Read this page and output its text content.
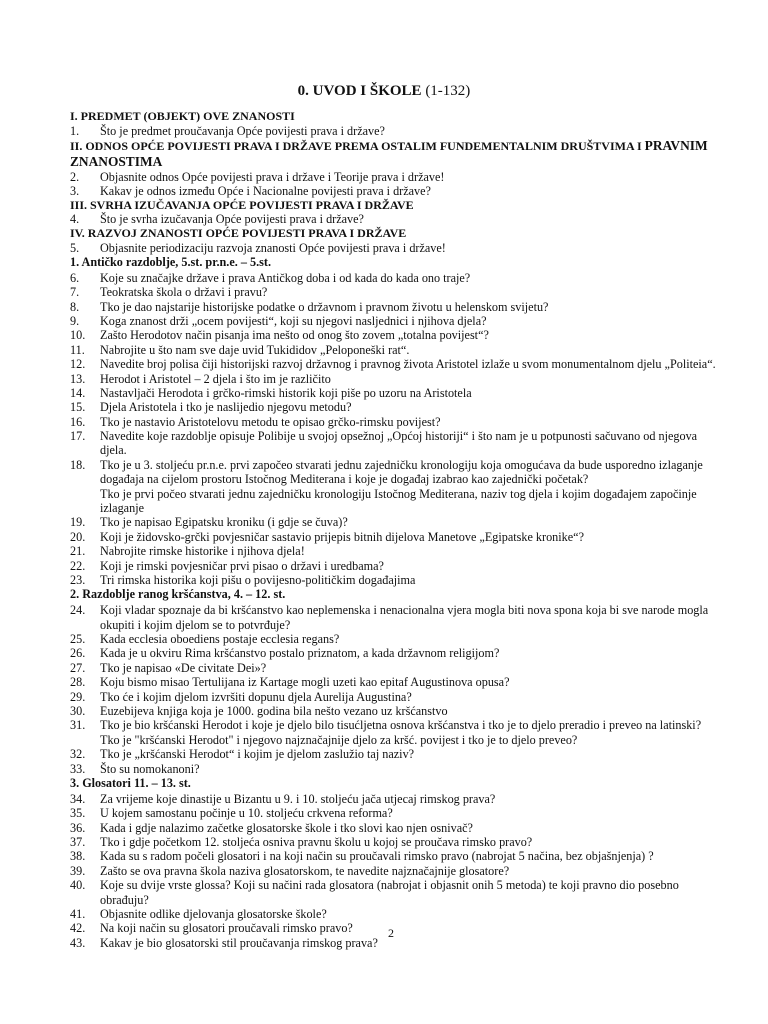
0. UVOD I ŠKOLE (1-132)
I. PREDMET (OBJEKT) OVE ZNANOSTI
1.	Što je predmet proučavanja Opće povijesti prava i države?
II. ODNOS OPĆE POVIJESTI PRAVA I DRŽAVE PREMA OSTALIM FUNDEMENTALNIM DRUŠTVIMA I PRAVNIM ZNANOSTIMA
2.	Objasnite odnos Opće povijesti prava i države i Teorije prava i države!
3.	Kakav je odnos između Opće i Nacionalne povijesti prava i države?
III. SVRHA IZUČAVANJA OPĆE POVIJESTI PRAVA I DRŽAVE
4.	Što je svrha izučavanja Opće povijesti prava i države?
IV. RAZVOJ ZNANOSTI OPĆE POVIJESTI PRAVA I DRŽAVE
5.	Objasnite periodizaciju razvoja znanosti Opće povijesti prava i države!
1. Antičko razdoblje, 5.st. pr.n.e. – 5.st.
6.	Koje su značajke države i prava Antičkog doba i od kada do kada ono traje?
7.	Teokratska škola o državi i pravu?
8.	Tko je dao najstarije historijske podatke o državnom i pravnom životu u helenskom svijetu?
9.	Koga znanost drži „ocem povijesti“, koji su njegovi nasljednici i njihova djela?
10.	Zašto Herodotov način pisanja ima nešto od onog što zovem „totalna povijest“?
11.	Nabrojite u što nam sve daje uvid Tukididov „Peloponeški rat“.
12.	Navedite broj polisa čiji historijski razvoj državnog i pravnog života Aristotel izlaže u svom monumentalnom djelu „Politeia“.
13.	Herodot i Aristotel – 2 djela i što im je različito
14.	Nastavljači Herodota i grčko-rimski historik koji piše po uzoru na Aristotela
15.	Djela Aristotela i tko je naslijedio njegovu metodu?
16.	Tko je nastavio Aristotelovu metodu te opisao grčko-rimsku povijest?
17.	Navedite koje razdoblje opisuje Polibije u svojoj opsežnoj „Općoj historiji“ i što nam je u potpunosti sačuvano od njegova djela.
18.	Tko je u 3. stoljeću pr.n.e. prvi započeo stvarati jednu zajedničku kronologiju koja omogućava da bude usporedno izlaganje događaja na cijelom prostoru Istočnog Mediterana i koje je događaj izabrao kao zajednički početak?
Tko je prvi počeo stvarati jednu zajedničku kronologiju Istočnog Mediterana, naziv tog djela i kojim događajem započinje izlaganje
19.	Tko je napisao Egipatsku kroniku (i gdje se čuva)?
20.	Koji je židovsko-grčki povjesničar sastavio prijepis bitnih dijelova Manetove „Egipatske kronike“?
21.	Nabrojite rimske historike i njihova djela!
22.	Koji je rimski povjesničar prvi pisao o državi i uredbama?
23.	Tri rimska historika koji pišu o povijesno-političkim događajima
2. Razdoblje ranog kršćanstva, 4. – 12. st.
24.	Koji vladar spoznaje da bi kršćanstvo kao neplemenska i nenacionalna vjera mogla biti nova spona koja bi sve narode mogla okupiti i kojim djelom se to potvrđuje?
25.	Kada ecclesia oboediens postaje ecclesia regans?
26.	Kada je u okviru Rima kršćanstvo postalo priznatom, a kada državnom religijom?
27.	Tko je napisao «De civitate Dei»?
28.	Koju bismo misao Tertulijana iz Kartage mogli uzeti kao epitaf Augustinova opusa?
29.	Tko će i kojim djelom izvršiti dopunu djela Aurelija Augustina?
30.	Euzebijeva knjiga koja je 1000. godina bila nešto vezano uz kršćanstvo
31.	Tko je bio kršćanski Herodot i koje je djelo bilo tisućljetna osnova kršćanstva i tko je to djelo preradio i preveo na latinski?
Tko je "kršćanski Herodot" i njegovo najznačajnije djelo za kršć. povijest i tko je to djelo preveo?
32.	Tko je „kršćanski Herodot“ i kojim je djelom zaslužio taj naziv?
33.	Što su nomokanoni?
3. Glosatori 11. – 13. st.
34.	Za vrijeme koje dinastije u Bizantu u 9. i 10. stoljeću jača utjecaj rimskog prava?
35.	U kojem samostanu počinje u 10. stoljeću crkvena reforma?
36.	Kada i gdje nalazimo začetke glosatorske škole i tko slovi kao njen osnivač?
37.	Tko i gdje početkom 12. stoljeća osniva pravnu školu u kojoj se proučava rimsko pravo?
38.	Kada su s radom počeli glosatori i na koji način su proučavali rimsko pravo (nabrojat 5 načina, bez objašnjenja) ?
39.	Zašto se ova pravna škola naziva glosatorskom, te navedite najznačajnije glosatore?
40.	Koje su dvije vrste glossa? Koji su načini rada glosatora (nabrojat i objasnit onih 5 metoda) te koji pravno dio posebno obrađuju?
41.	Objasnite odlike djelovanja glosatorske škole?
42.	Na koji način su glosatori proučavali rimsko pravo?
43.	Kakav je bio glosatorski stil proučavanja rimskog prava?
2
